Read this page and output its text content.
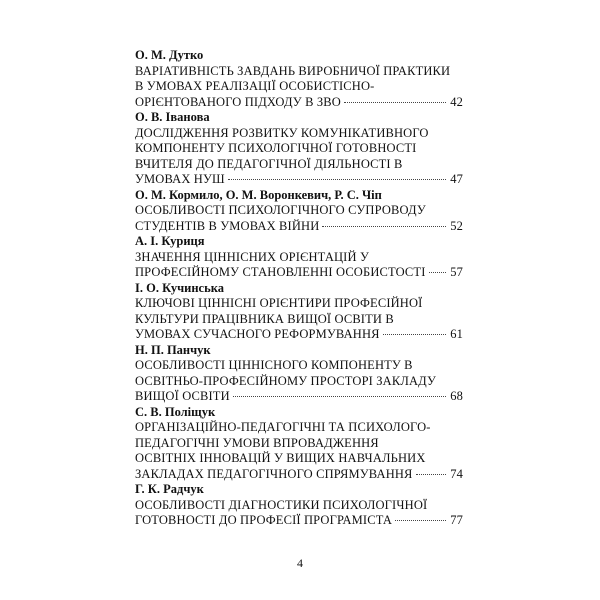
О. М. Дутко
ВАРІАТИВНІСТЬ ЗАВДАНЬ ВИРОБНИЧОЇ ПРАКТИКИ
В УМОВАХ РЕАЛІЗАЦІЇ ОСОБИСТІСНО-
ОРІЄНТОВАНОГО ПІДХОДУ В ЗВО	42
О. В. Іванова
ДОСЛІДЖЕННЯ РОЗВИТКУ КОМУНІКАТИВНОГО
КОМПОНЕНТУ ПСИХОЛОГІЧНОЇ ГОТОВНОСТІ
ВЧИТЕЛЯ ДО ПЕДАГОГІЧНОЇ ДІЯЛЬНОСТІ В
УМОВАХ НУШ	47
О. М. Кормило, О. М. Воронкевич, Р. С. Чіп
ОСОБЛИВОСТІ ПСИХОЛОГІЧНОГО СУПРОВОДУ
СТУДЕНТІВ В УМОВАХ ВІЙНИ	52
А. І. Куриця
ЗНАЧЕННЯ ЦІННІСНИХ ОРІЄНТАЦІЙ У
ПРОФЕСІЙНОМУ СТАНОВЛЕННІ ОСОБИСТОСТІ 57
І. О. Кучинська
КЛЮЧОВІ ЦІННІСНІ ОРІЄНТИРИ ПРОФЕСІЙНОЇ
КУЛЬТУРИ ПРАЦІВНИКА ВИЩОЇ ОСВІТИ В
УМОВАХ СУЧАСНОГО РЕФОРМУВАННЯ	61
Н. П. Панчук
ОСОБЛИВОСТІ ЦІННІСНОГО КОМПОНЕНТУ В
ОСВІТНЬО-ПРОФЕСІЙНОМУ ПРОСТОРІ ЗАКЛАДУ
ВИЩОЇ ОСВІТИ	68
С. В. Поліщук
ОРГАНІЗАЦІЙНО-ПЕДАГОГІЧНІ ТА ПСИХОЛОГО-
ПЕДАГОГІЧНІ УМОВИ ВПРОВАДЖЕННЯ
ОСВІТНІХ ІННОВАЦІЙ У ВИЩИХ НАВЧАЛЬНИХ
ЗАКЛАДАХ ПЕДАГОГІЧНОГО СПРЯМУВАННЯ	74
Г. К. Радчук
ОСОБЛИВОСТІ ДІАГНОСТИКИ ПСИХОЛОГІЧНОЇ
ГОТОВНОСТІ ДО ПРОФЕСІЇ ПРОГРАМІСТА	77
4
